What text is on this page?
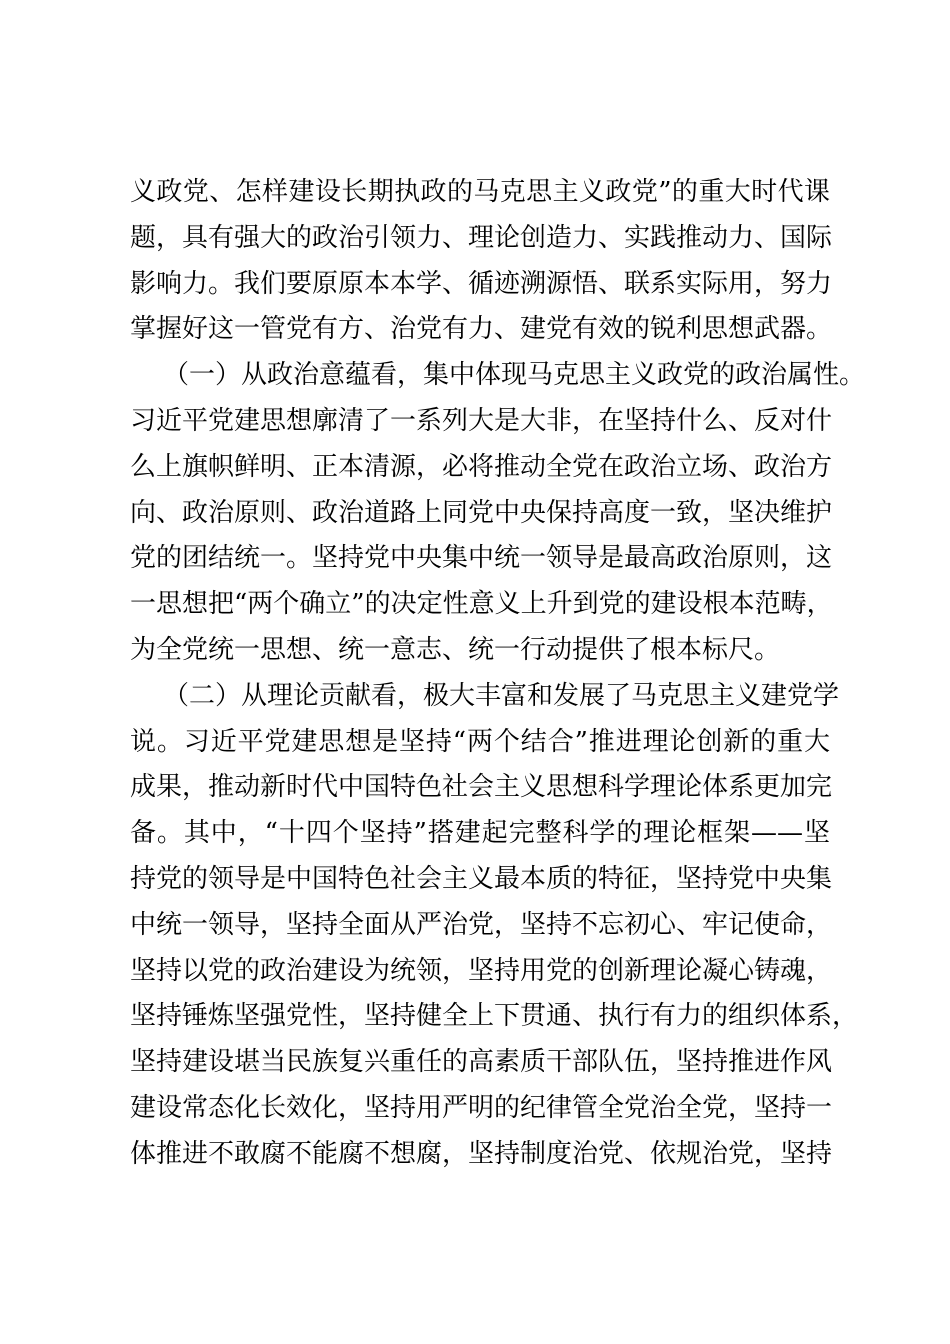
义政党、怎样建设长期执政的马克思主义政党”的重大时代课
题，具有强大的政治引领力、理论创造力、实践推动力、国际
影响力。我们要原原本本学、循迹溯源悟、联系实际用，努力
掌握好这一管党有方、治党有力、建党有效的锐利思想武器。
（一）从政治意蕴看，集中体现马克思主义政党的政治属性。
习近平党建思想廓清了一系列大是大非，在坚持什么、反对什
么上旗帜鲜明、正本清源，必将推动全党在政治立场、政治方
向、政治原则、政治道路上同党中央保持高度一致，坚决维护
党的团结统一。坚持党中央集中统一领导是最高政治原则，这
一思想把“两个确立”的决定性意义上升到党的建设根本范畴，
为全党统一思想、统一意志、统一行动提供了根本标尺。
（二）从理论贡献看，极大丰富和发展了马克思主义建党学
说。习近平党建思想是坚持“两个结合”推进理论创新的重大
成果，推动新时代中国特色社会主义思想科学理论体系更加完
备。其中，“十四个坚持”搭建起完整科学的理论框架——坚
持党的领导是中国特色社会主义最本质的特征，坚持党中央集
中统一领导，坚持全面从严治党，坚持不忘初心、牢记使命，
坚持以党的政治建设为统领，坚持用党的创新理论凝心铸魂，
坚持锤炼坚强党性，坚持健全上下贯通、执行有力的组织体系，
坚持建设堪当民族复兴重任的高素质干部队伍，坚持推进作风
建设常态化长效化，坚持用严明的纪律管全党治全党，坚持一
体推进不敢腐不能腐不想腐，坚持制度治党、依规治党，坚持
